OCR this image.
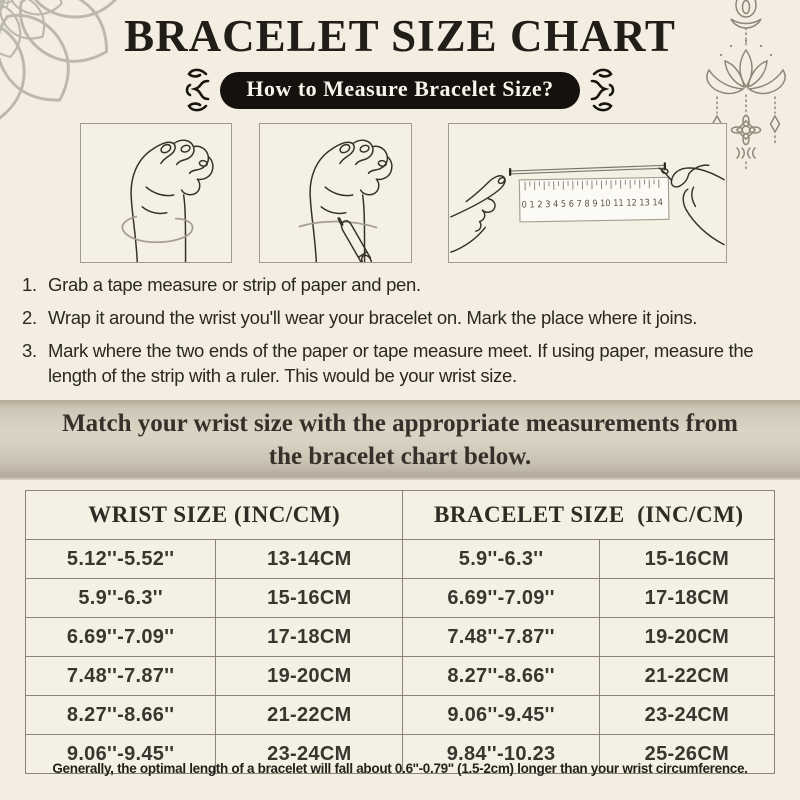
BRACELET SIZE CHART
How to Measure Bracelet Size?
0 1 2 3 4 5 6 7 8 9 10 11 12 13 14
1. Grab a tape measure or strip of paper and pen.
2. Wrap it around the wrist you'll wear your bracelet on. Mark the place where it joins.
3. Mark where the two ends of the paper or tape measure meet. If using paper, measure the length of the strip with a ruler. This would be your wrist size.
Match your wrist size with the appropriate measurements from the bracelet chart below.
WRIST SIZE (INC/CM)		BRACELET SIZE  (INC/CM)	
5.12''-5.52''	13-14CM	5.9''-6.3''	15-16CM
5.9''-6.3''	15-16CM	6.69''-7.09''	17-18CM
6.69''-7.09''	17-18CM	7.48''-7.87''	19-20CM
7.48''-7.87''	19-20CM	8.27''-8.66''	21-22CM
8.27''-8.66''	21-22CM	9.06''-9.45''	23-24CM
9.06''-9.45''	23-24CM	9.84''-10.23	25-26CM
Generally, the optimal length of a bracelet will fall about 0.6''-0.79'' (1.5-2cm) longer than your wrist circumference.
